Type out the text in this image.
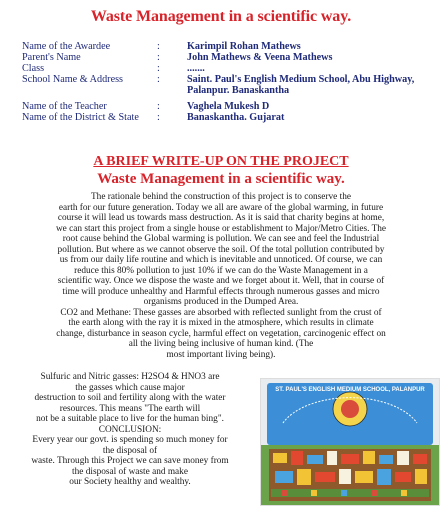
Waste Management in a scientific way.
Name of the Awardee	:	Karimpil Rohan Mathews
Parent's Name	:	John Mathews & Veena Mathews
Class	:	.......
School Name & Address	:	Saint. Paul's English Medium School, Abu Highway,
Palanpur. Banaskantha
Name of the Teacher	:	Vaghela Mukesh D
Name of the District & State :	Banaskantha. Gujarat
A BRIEF WRITE-UP ON THE PROJECT
Waste Management in a scientific way.

The rationale behind the construction of this project is to conserve the

earth for our future generation. Today we all are aware of the global warming, in future

course it will lead us towards mass destruction. As it is said that charity begins at home,

we can start this project from a single house or establishment to Major/Metro Cities. The

root cause behind the Global warming is pollution. We can see and feel the Industrial

pollution. But where as we cannot observe the soil. Of the total pollution contributed by

us from our daily life routine and which is inevitable and unnoticed. Of course, we can

reduce this 80% pollution to just 10% if we can do the Waste Management in a

scientific way. Once we dispose the waste and we forget about it. Well, that in course of

time will produce unhealthy and Harmful effects through numerous gasses and micro

organisms produced in the Dumped Area.

CO2 and Methane: These gasses are absorbed with reflected sunlight from the crust of

the earth along with the ray it is mixed in the atmosphere, which results in climate

change, disturbance in season cycle, harmful effect on vegetation, carcinogenic effect on

all the living being inclusive of human kind. (The

most important living being).

Sulfuric and Nitric gasses: H2SO4 & HNO3 are

the gasses which cause major

destruction to soil and fertility along with the water

resources. This means "The earth will

not be a suitable place to live for the human bing".

CONCLUSION:

Every year our govt. is spending so much money for

the disposal of

waste. Through this Project we can save money from

the disposal of waste and make

our Society healthy and wealthy.

ST. PAUL'S ENGLISH MEDIUM SCHOOL, PALANPUR
